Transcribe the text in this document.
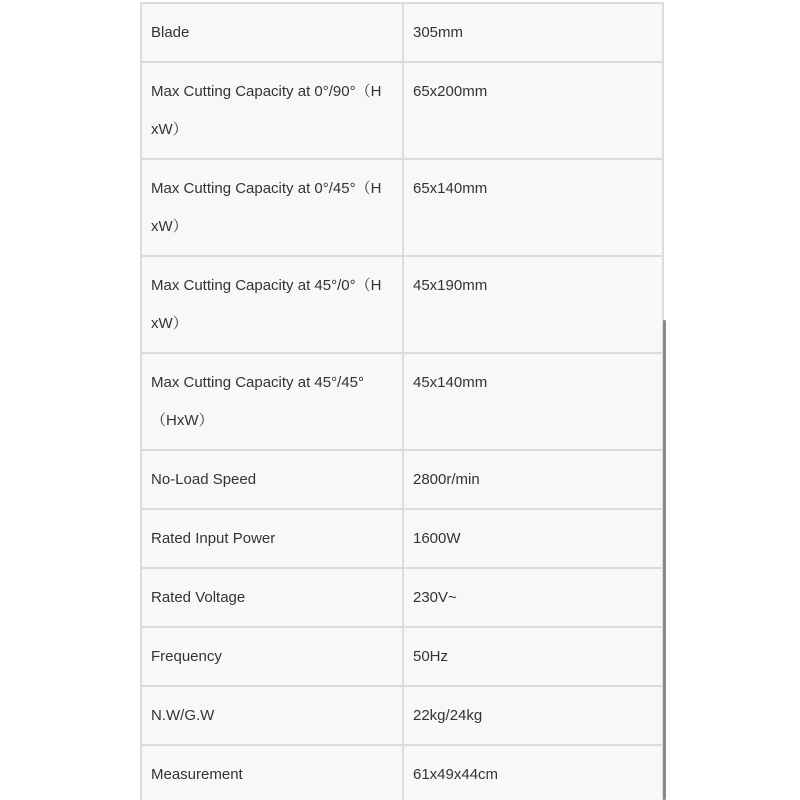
Blade	305mm
Max Cutting Capacity at 0°/90°（H xW）	65x200mm
Max Cutting Capacity at 0°/45°（H xW）	65x140mm
Max Cutting Capacity at 45°/0°（H xW）	45x190mm
Max Cutting Capacity at 45°/45°（HxW）	45x140mm
No-Load Speed	2800r/min
Rated Input Power	1600W
Rated Voltage	230V~
Frequency	50Hz
N.W/G.W	22kg/24kg
Measurement	61x49x44cm
